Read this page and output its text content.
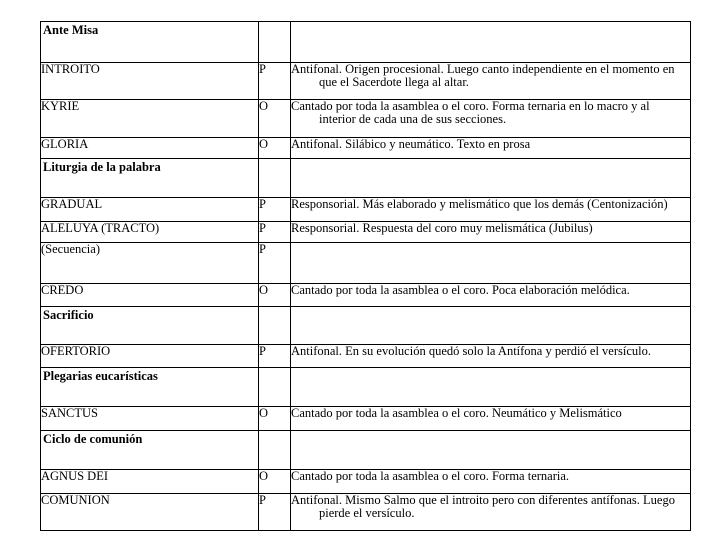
Ante Misa		

INTROITO	P	Antifonal. Origen procesional. Luego canto independiente en el momento en
que el Sacerdote llega al altar.

KYRIE	O	Cantado por toda la asamblea o el coro. Forma ternaria en lo macro y al
interior de cada una de sus secciones.

GLORIA	O	Antifonal. Silábico y neumático. Texto en prosa

Liturgia de la palabra		

GRADUAL	P	Responsorial. Más elaborado y melismático que los demás (Centonización)
ALELUYA (TRACTO)	P	Responsorial. Respuesta del coro muy melismática (Jubilus)
(Secuencia)	P	
CREDO	O	Cantado por toda la asamblea o el coro. Poca elaboración melódica.

Sacrificio		

OFERTORIO	P	Antifonal. En su evolución quedó solo la Antífona y perdió el versículo.

Plegarias eucarísticas		

SANCTUS	O	Cantado por toda la asamblea o el coro. Neumático y Melismático

Ciclo de comunión		

AGNUS DEI	O	Cantado por toda la asamblea o el coro. Forma ternaria.
COMUNION	P	Antifonal. Mismo Salmo que el introito pero con diferentes antífonas. Luego
pierde el versículo.
